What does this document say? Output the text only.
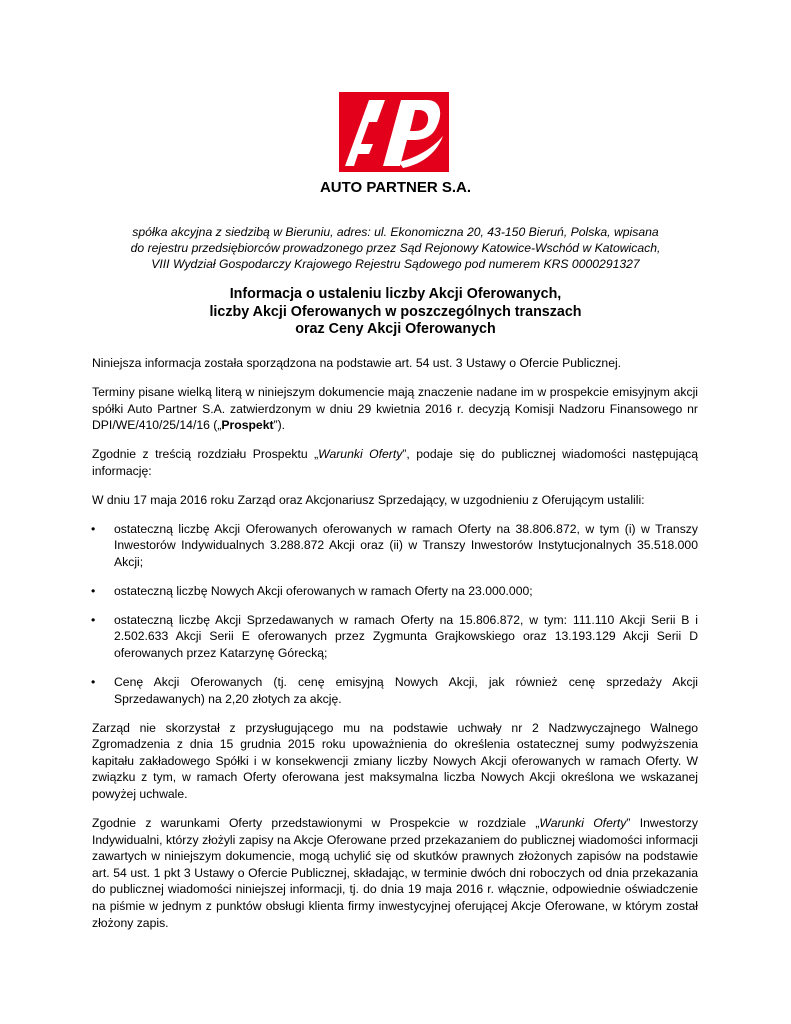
AUTO PARTNER S.A.
spółka akcyjna z siedzibą w Bieruniu, adres: ul. Ekonomiczna 20, 43-150 Bieruń, Polska, wpisana
do rejestru przedsiębiorców prowadzonego przez Sąd Rejonowy Katowice-Wschód w Katowicach,
VIII Wydział Gospodarczy Krajowego Rejestru Sądowego pod numerem KRS 0000291327
Informacja o ustaleniu liczby Akcji Oferowanych,
liczby Akcji Oferowanych w poszczególnych transzach
oraz Ceny Akcji Oferowanych

Niniejsza informacja została sporządzona na podstawie art. 54 ust. 3 Ustawy o Ofercie Publicznej.

Terminy pisane wielką literą w niniejszym dokumencie mają znaczenie nadane im w prospekcie emisyjnym akcji spółki Auto Partner S.A. zatwierdzonym w dniu 29 kwietnia 2016 r. decyzją Komisji Nadzoru Finansowego nr DPI/WE/410/25/14/16 („Prospekt”).

Zgodnie z treścią rozdziału Prospektu „Warunki Oferty”, podaje się do publicznej wiadomości następującą informację:

W dniu 17 maja 2016 roku Zarząd oraz Akcjonariusz Sprzedający, w uzgodnieniu z Oferującym ustalili:

• ostateczną liczbę Akcji Oferowanych oferowanych w ramach Oferty na 38.806.872, w tym (i) w Transzy Inwestorów Indywidualnych 3.288.872 Akcji oraz (ii) w Transzy Inwestorów Instytucjonalnych 35.518.000 Akcji;
• ostateczną liczbę Nowych Akcji oferowanych w ramach Oferty na 23.000.000;
• ostateczną liczbę Akcji Sprzedawanych w ramach Oferty na 15.806.872, w tym: 111.110 Akcji Serii B i 2.502.633 Akcji Serii E oferowanych przez Zygmunta Grajkowskiego oraz 13.193.129 Akcji Serii D oferowanych przez Katarzynę Górecką;
• Cenę Akcji Oferowanych (tj. cenę emisyjną Nowych Akcji, jak również cenę sprzedaży Akcji Sprzedawanych) na 2,20 złotych za akcję.

Zarząd nie skorzystał z przysługującego mu na podstawie uchwały nr 2 Nadzwyczajnego Walnego Zgromadzenia z dnia 15 grudnia 2015 roku upoważnienia do określenia ostatecznej sumy podwyższenia kapitału zakładowego Spółki i w konsekwencji zmiany liczby Nowych Akcji oferowanych w ramach Oferty. W związku z tym, w ramach Oferty oferowana jest maksymalna liczba Nowych Akcji określona we wskazanej powyżej uchwale.

Zgodnie z warunkami Oferty przedstawionymi w Prospekcie w rozdziale „Warunki Oferty” Inwestorzy Indywidualni, którzy złożyli zapisy na Akcje Oferowane przed przekazaniem do publicznej wiadomości informacji zawartych w niniejszym dokumencie, mogą uchylić się od skutków prawnych złożonych zapisów na podstawie art. 54 ust. 1 pkt 3 Ustawy o Ofercie Publicznej, składając, w terminie dwóch dni roboczych od dnia przekazania do publicznej wiadomości niniejszej informacji, tj. do dnia 19 maja 2016 r. włącznie, odpowiednie oświadczenie na piśmie w jednym z punktów obsługi klienta firmy inwestycyjnej oferującej Akcje Oferowane, w którym został złożony zapis.
